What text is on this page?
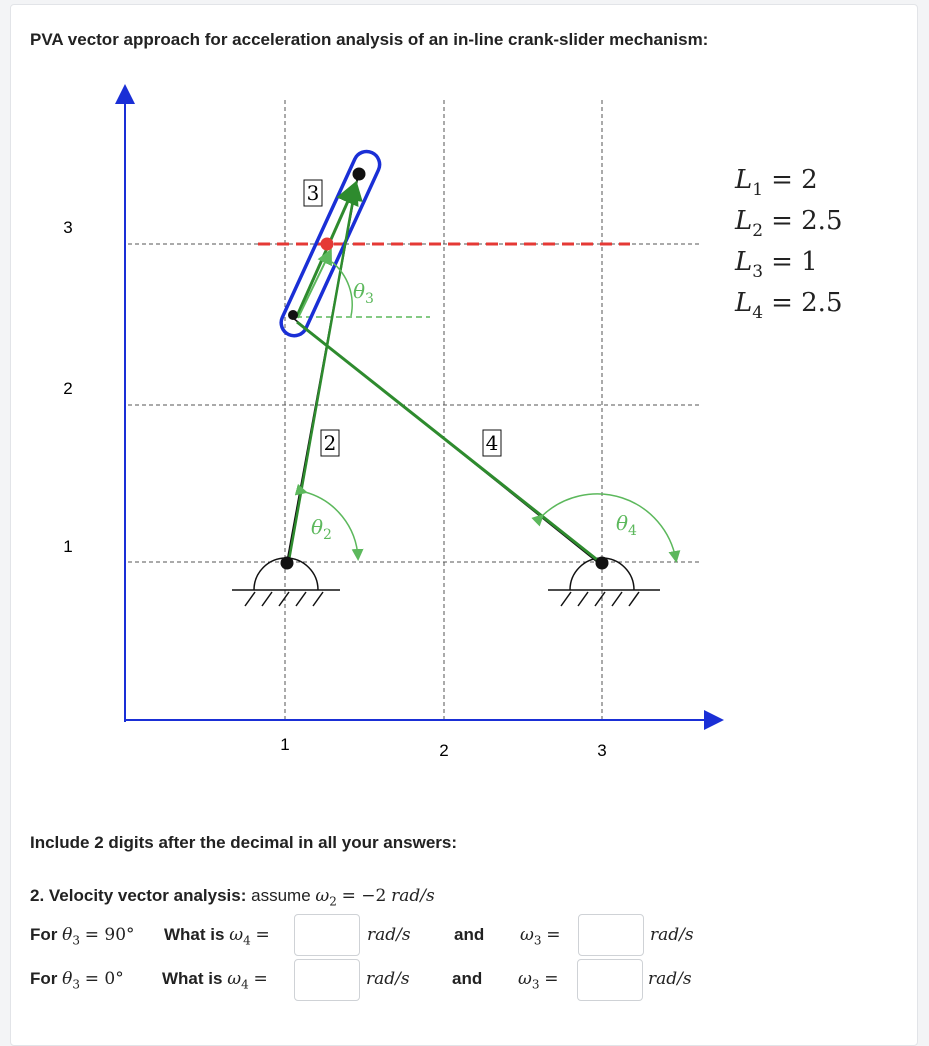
PVA vector approach for acceleration analysis of an in-line crank-slider mechanism:
3
2
1
1	2	3
3
2	4
$\theta_3$
$\theta_2$	$\theta_4$
$L_1 = 2$
$L_2 = 2.5$
$L_3 = 1$
$L_4 = 2.5$
Include 2 digits after the decimal in all your answers:
2. Velocity vector analysis: assume $\omega_2 = -2$ rad/s
For $\theta_3 = 90^\circ$ What is $\omega_4$ =	rad/s	and $\omega_3$ =	rad/s
For $\theta_3 = 0^\circ$ What is $\omega_4$ =	rad/s and $\omega_3$ =	rad/s
